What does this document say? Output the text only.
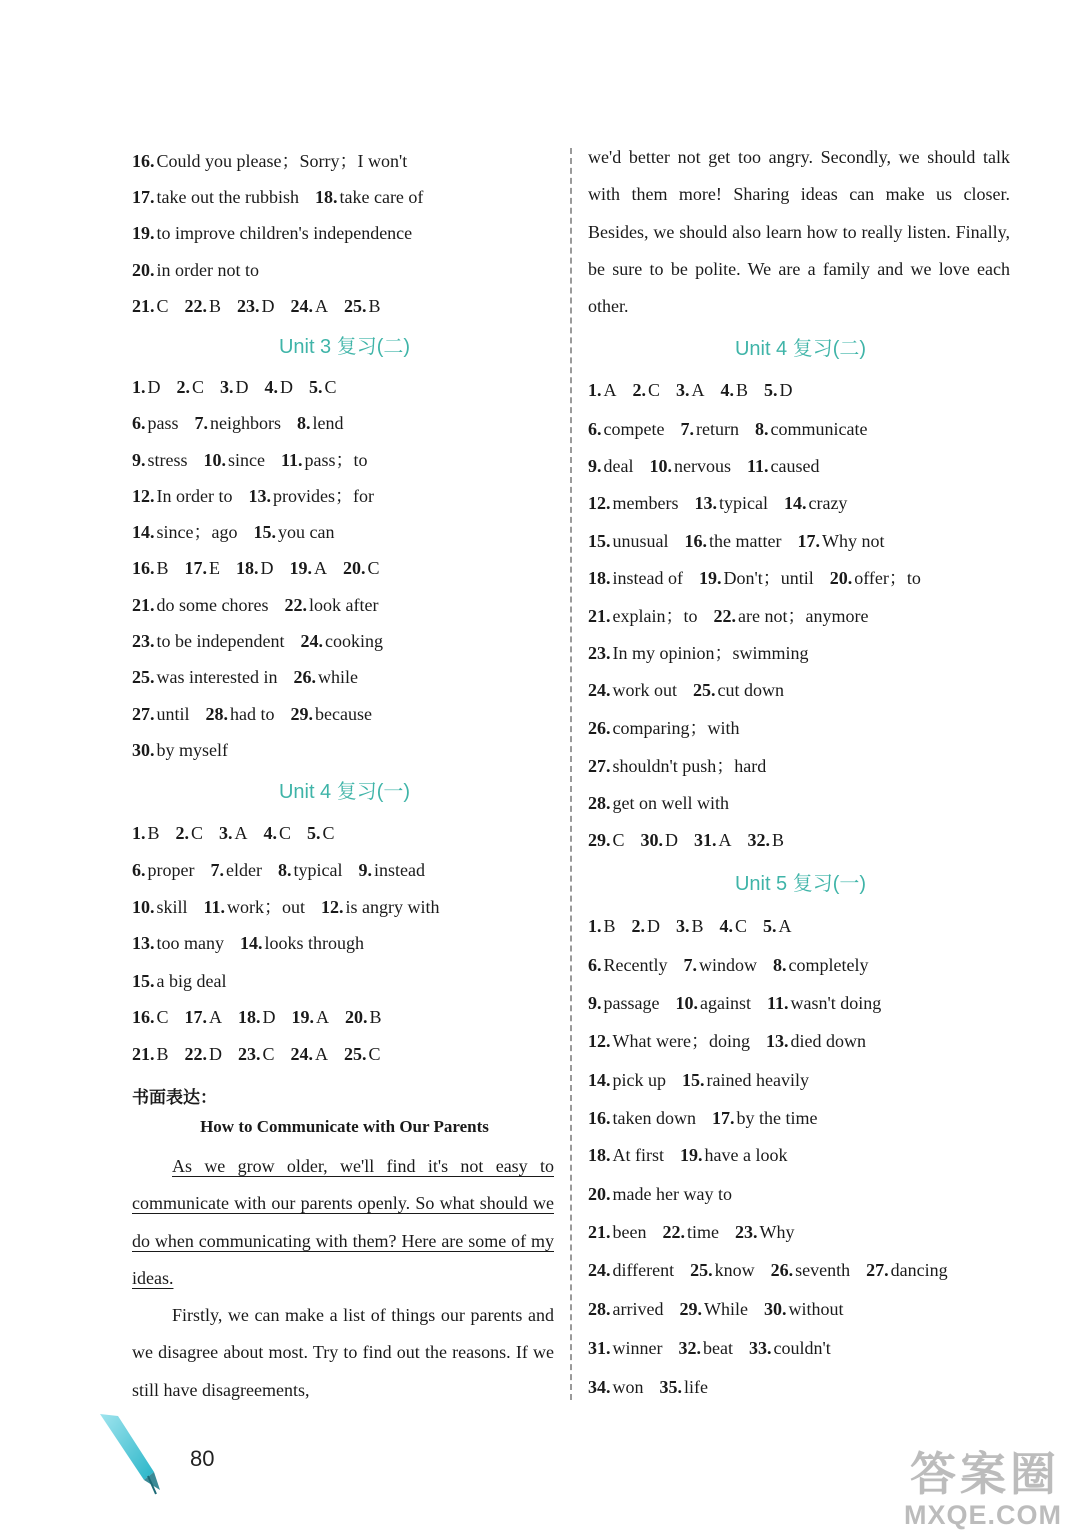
16. Could you please；Sorry；I won't
17. take out the rubbish 18. take care of
19. to improve children's independence
20. in order not to
21. C 22. B 23. D 24. A 25. B
Unit 3 复习(二)
1. D 2. C 3. D 4. D 5. C
6. pass 7. neighbors 8. lend
9. stress 10. since 11. pass；to
12. In order to 13. provides；for
14. since；ago 15. you can
16. B 17. E 18. D 19. A 20. C
21. do some chores 22. look after
23. to be independent 24. cooking
25. was interested in 26. while
27. until 28. had to 29. because
30. by myself
Unit 4 复习(一)
1. B 2. C 3. A 4. C 5. C
6. proper 7. elder 8. typical 9. instead
10. skill 11. work；out 12. is angry with
13. too many 14. looks through
15. a big deal
16. C 17. A 18. D 19. A 20. B
21. B 22. D 23. C 24. A 25. C
书面表达：
How to Communicate with Our Parents

As we grow older, we'll find it's not easy to communicate with our parents openly. So what should we do when communicating with them? Here are some of my ideas.

Firstly, we can make a list of things our parents and we disagree about most. Try to find out the reasons. If we still have disagreements,

we'd better not get too angry. Secondly, we should talk with them more! Sharing ideas can make us closer. Besides, we should also learn how to really listen. Finally, be sure to be polite. We are a family and we love each other.

Unit 4 复习(二)
1. A 2. C 3. A 4. B 5. D
6. compete 7. return 8. communicate
9. deal 10. nervous 11. caused
12. members 13. typical 14. crazy
15. unusual 16. the matter 17. Why not
18. instead of 19. Don't；until 20. offer；to
21. explain；to 22. are not；anymore
23. In my opinion；swimming
24. work out 25. cut down
26. comparing；with
27. shouldn't push；hard
28. get on well with
29. C 30. D 31. A 32. B
Unit 5 复习(一)
1. B 2. D 3. B 4. C 5. A
6. Recently 7. window 8. completely
9. passage 10. against 11. wasn't doing
12. What were；doing 13. died down
14. pick up 15. rained heavily
16. taken down 17. by the time
18. At first 19. have a look
20. made her way to
21. been 22. time 23. Why
24. different 25. know 26. seventh 27. dancing
28. arrived 29. While 30. without
31. winner 32. beat 33. couldn't
34. won 35. life
80	答案圈
MXQE.COM
